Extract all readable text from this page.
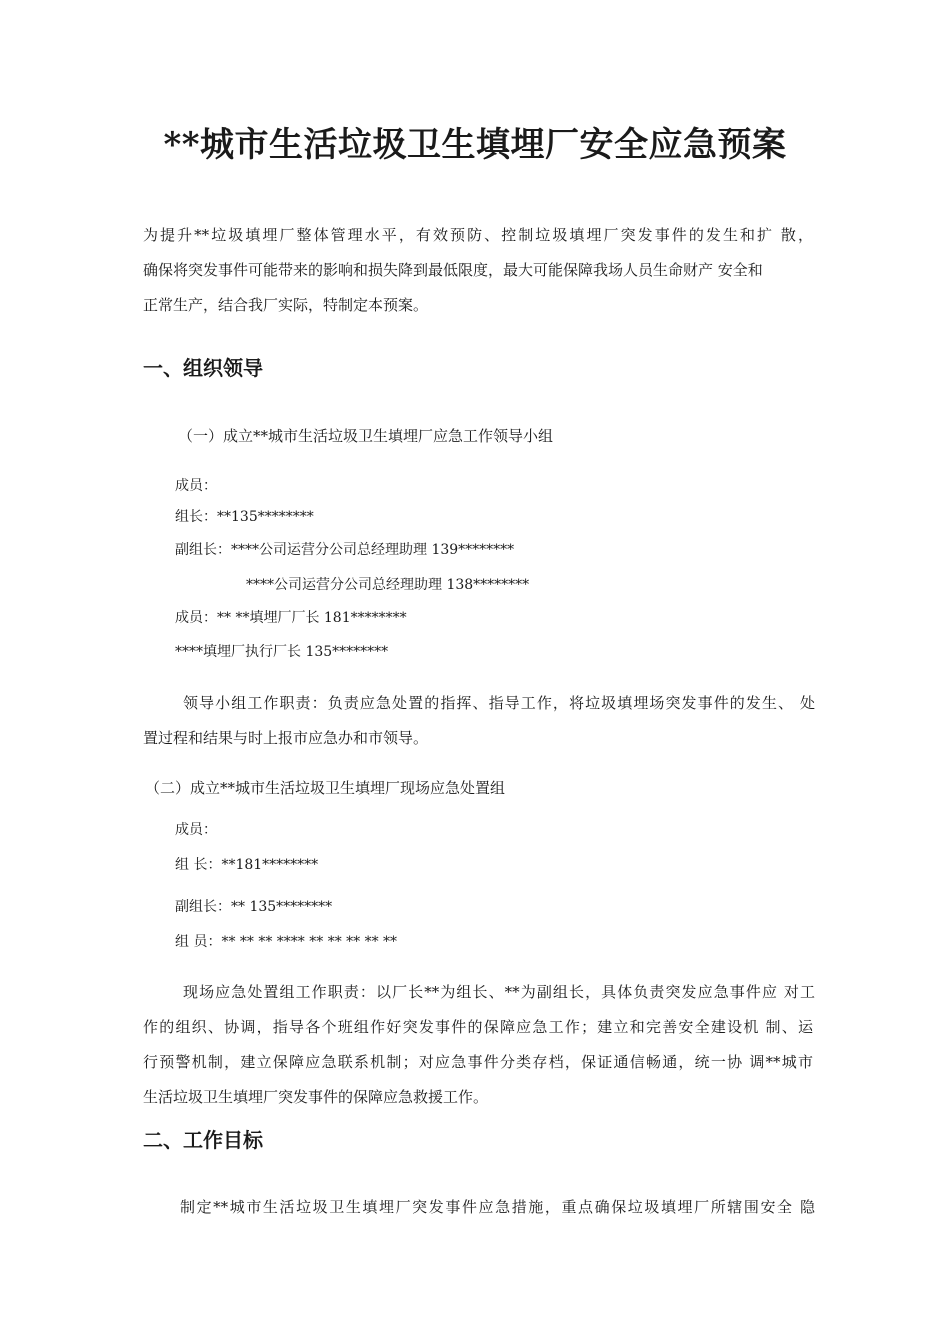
**城市生活垃圾卫生填埋厂安全应急预案

为提升**垃圾填埋厂整体管理水平，有效预防、控制垃圾填埋厂突发事件的发生和扩 散，

确保将突发事件可能带来的影响和损失降到最低限度，最大可能保障我场人员生命财产 安全和

正常生产，结合我厂实际，特制定本预案。

一、组织领导
（一）成立**城市生活垃圾卫生填埋厂应急工作领导小组

成员：

组长：**135********

副组长：****公司运营分公司总经理助理 139********

****公司运营分公司总经理助理 138********

成员：** **填埋厂厂长 181********

****填埋厂执行厂长 135********

领导小组工作职责：负责应急处置的指挥、指导工作，将垃圾填埋场突发事件的发生、 处

置过程和结果与时上报市应急办和市领导。

（二）成立**城市生活垃圾卫生填埋厂现场应急处置组

成员：

组 长：**181********

副组长：** 135********

组 员：** ** ** **** ** ** ** ** **

现场应急处置组工作职责：以厂长**为组长、**为副组长，具体负责突发应急事件应 对工

作的组织、协调，指导各个班组作好突发事件的保障应急工作；建立和完善安全建设机 制、运

行预警机制，建立保障应急联系机制；对应急事件分类存档，保证通信畅通，统一协 调**城市

生活垃圾卫生填埋厂突发事件的保障应急救援工作。

二、工作目标

制定**城市生活垃圾卫生填埋厂突发事件应急措施，重点确保垃圾填埋厂所辖围安全 隐
